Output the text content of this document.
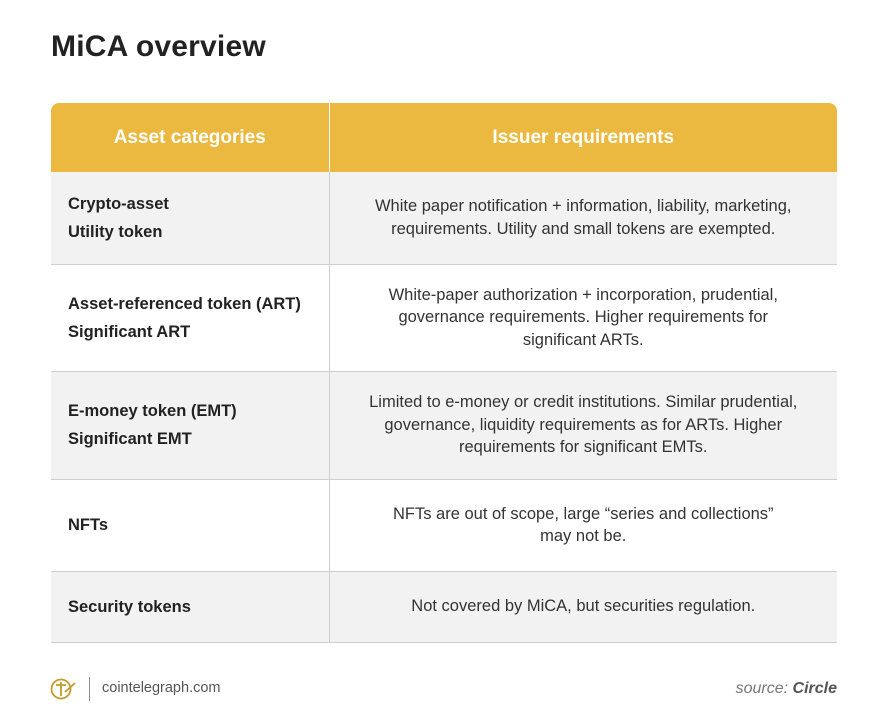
MiCA overview
Asset categories	Issuer requirements

Crypto-asset
Utility token	White paper notification + information, liability, marketing,
requirements. Utility and small tokens are exempted.

Asset-referenced token (ART)
Significant ART	White-paper authorization + incorporation, prudential,
governance requirements. Higher requirements for
significant ARTs.

E-money token (EMT)
Significant EMT	Limited to e-money or credit institutions. Similar prudential,
governance, liquidity requirements as for ARTs. Higher
requirements for significant EMTs.

NFTs	NFTs are out of scope, large “series and collections”
may not be.

Security tokens	Not covered by MiCA, but securities regulation.
cointelegraph.com	source: Circle
